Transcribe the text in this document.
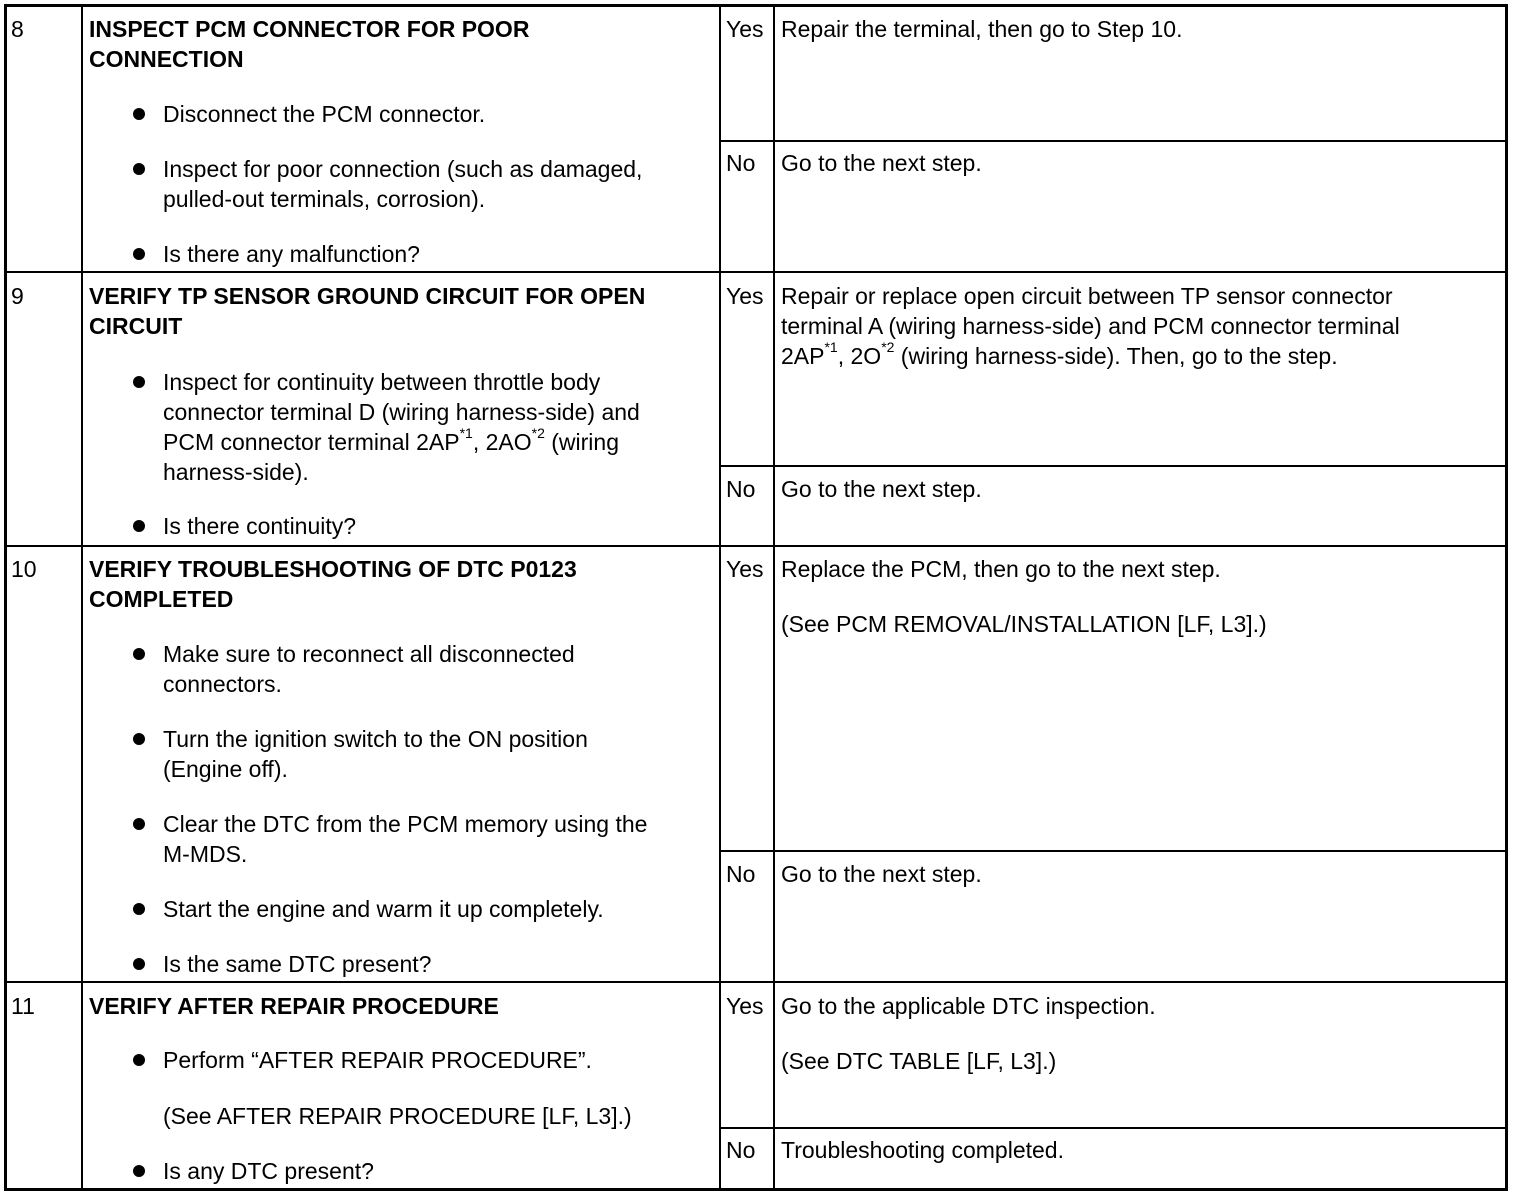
8	INSPECT PCM CONNECTOR FOR POOR
CONNECTION
Disconnect the PCM connector.
Inspect for poor connection (such as damaged,
pulled-out terminals, corrosion).
Is there any malfunction?
Yes Repair the terminal, then go to Step 10.
No Go to the next step.
9	VERIFY TP SENSOR GROUND CIRCUIT FOR OPEN
CIRCUIT
Inspect for continuity between throttle body
connector terminal D (wiring harness-side) and
PCM connector terminal 2AP$^{*1}$, 2AO$^{*2}$ (wiring
harness-side).
Is there continuity?
Yes Repair or replace open circuit between TP sensor connector
terminal A (wiring harness-side) and PCM connector terminal
2AP$^{*1}$, $2O^{*2}$ (wiring harness-side). Then, go to the step.
No Go to the next step.
10 VERIFY TROUBLESHOOTING OF DTC P0123
COMPLETED
Make sure to reconnect all disconnected
connectors.
Turn the ignition switch to the ON position
(Engine off).
Clear the DTC from the PCM memory using the
M-MDS.
Start the engine and warm it up completely.
Is the same DTC present?
Yes Replace the PCM, then go to the next step.
(See PCM REMOVAL/INSTALLATION [LF, L3].)
No Go to the next step.
11 VERIFY AFTER REPAIR PROCEDURE
Perform “AFTER REPAIR PROCEDURE”.
(See AFTER REPAIR PROCEDURE [LF, L3].)
Is any DTC present?
Yes Go to the applicable DTC inspection.
(See DTC TABLE [LF, L3].)
No Troubleshooting completed.
